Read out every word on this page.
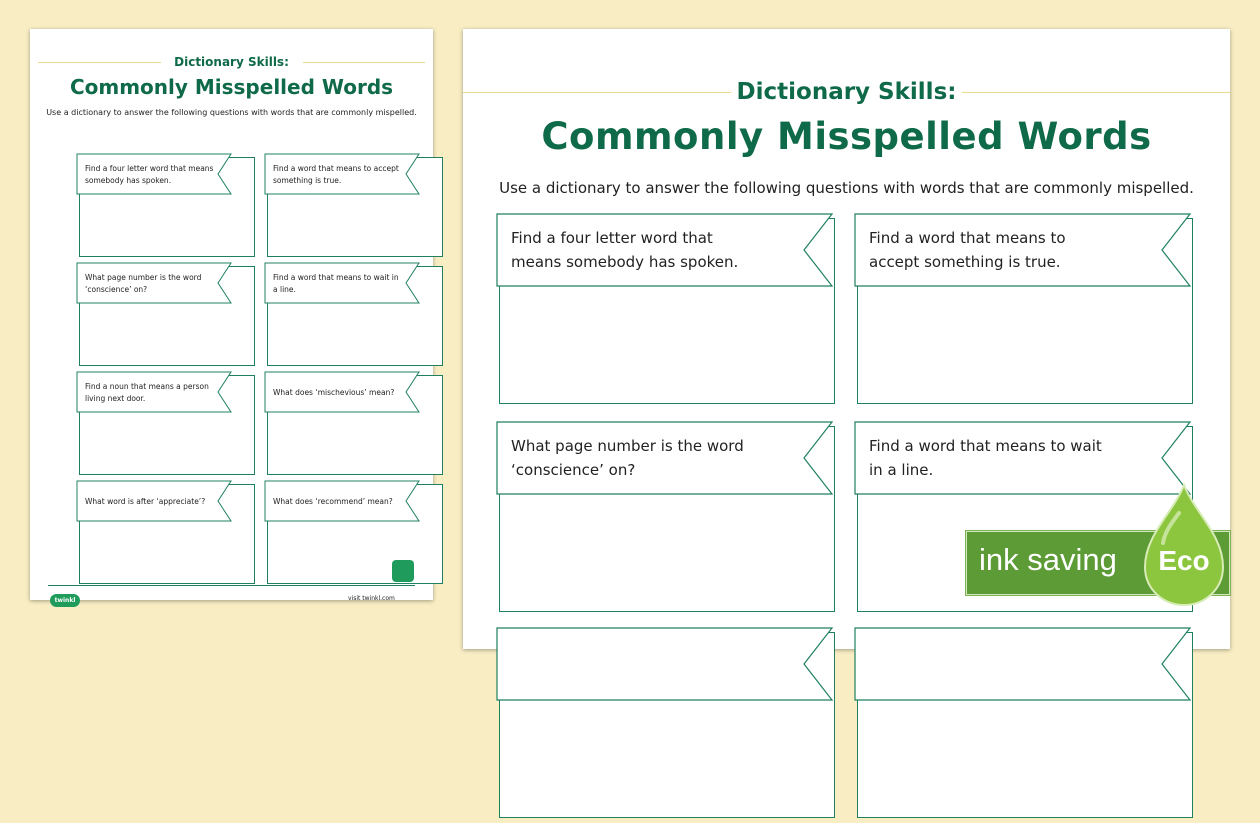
Dictionary Skills:
Commonly Misspelled Words
Use a dictionary to answer the following questions with words that are commonly mispelled.
Find a four letter word that means somebody has spoken.
Find a word that means to accept something is true.
What page number is the word ‘conscience’ on?
Find a word that means to wait in a line.
Find a noun that means a person living next door.
What does ‘mischevious’ mean?
What word is after ‘appreciate’?	What does ‘recommend’ mean?
twinkl	visit twinkl.com
Dictionary Skills:
Commonly Misspelled Words
Use a dictionary to answer the following questions with words that are commonly mispelled.
Find a four letter word that means somebody has spoken.
Find a word that means to accept something is true.
What page number is the word ‘conscience’ on?
Find a word that means to wait in a line.
ink saving	Eco
